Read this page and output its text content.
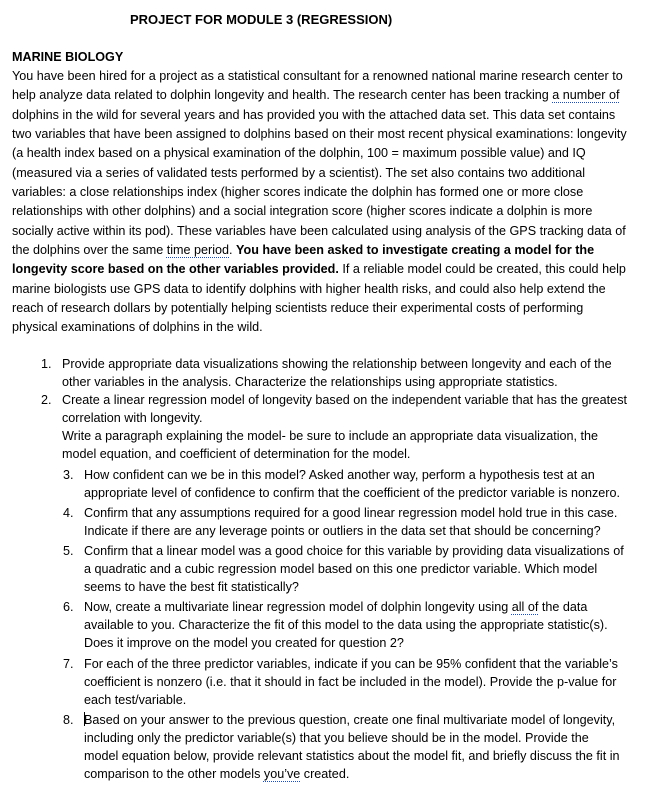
PROJECT FOR MODULE 3 (REGRESSION)
MARINE BIOLOGY

You have been hired for a project as a statistical consultant for a renowned national marine research center to help analyze data related to dolphin longevity and health. The research center has been tracking a number of dolphins in the wild for several years and has provided you with the attached data set. This data set contains two variables that have been assigned to dolphins based on their most recent physical examinations: longevity (a health index based on a physical examination of the dolphin, 100 = maximum possible value) and IQ (measured via a series of validated tests performed by a scientist). The set also contains two additional variables: a close relationships index (higher scores indicate the dolphin has formed one or more close relationships with other dolphins) and a social integration score (higher scores indicate a dolphin is more socially active within its pod). These variables have been calculated using analysis of the GPS tracking data of the dolphins over the same time period. You have been asked to investigate creating a model for the longevity score based on the other variables provided. If a reliable model could be created, this could help marine biologists use GPS data to identify dolphins with higher health risks, and could also help extend the reach of research dollars by potentially helping scientists reduce their experimental costs of performing physical examinations of dolphins in the wild.

1. Provide appropriate data visualizations showing the relationship between longevity and each of the other variables in the analysis. Characterize the relationships using appropriate statistics.
2. Create a linear regression model of longevity based on the independent variable that has the greatest correlation with longevity.
Write a paragraph explaining the model- be sure to include an appropriate data visualization, the model equation, and coefficient of determination for the model.
3. How confident can we be in this model? Asked another way, perform a hypothesis test at an appropriate level of confidence to confirm that the coefficient of the predictor variable is nonzero.
4. Confirm that any assumptions required for a good linear regression model hold true in this case. Indicate if there are any leverage points or outliers in the data set that should be concerning?
5. Confirm that a linear model was a good choice for this variable by providing data visualizations of a quadratic and a cubic regression model based on this one predictor variable. Which model seems to have the best fit statistically?
6. Now, create a multivariate linear regression model of dolphin longevity using all of the data available to you. Characterize the fit of this model to the data using the appropriate statistic(s). Does it improve on the model you created for question 2?
7. For each of the three predictor variables, indicate if you can be 95% confident that the variable’s coefficient is nonzero (i.e. that it should in fact be included in the model). Provide the p-value for each test/variable.
8. Based on your answer to the previous question, create one final multivariate model of longevity, including only the predictor variable(s) that you believe should be in the model. Provide the model equation below, provide relevant statistics about the model fit, and briefly discuss the fit in comparison to the other models you’ve created.
